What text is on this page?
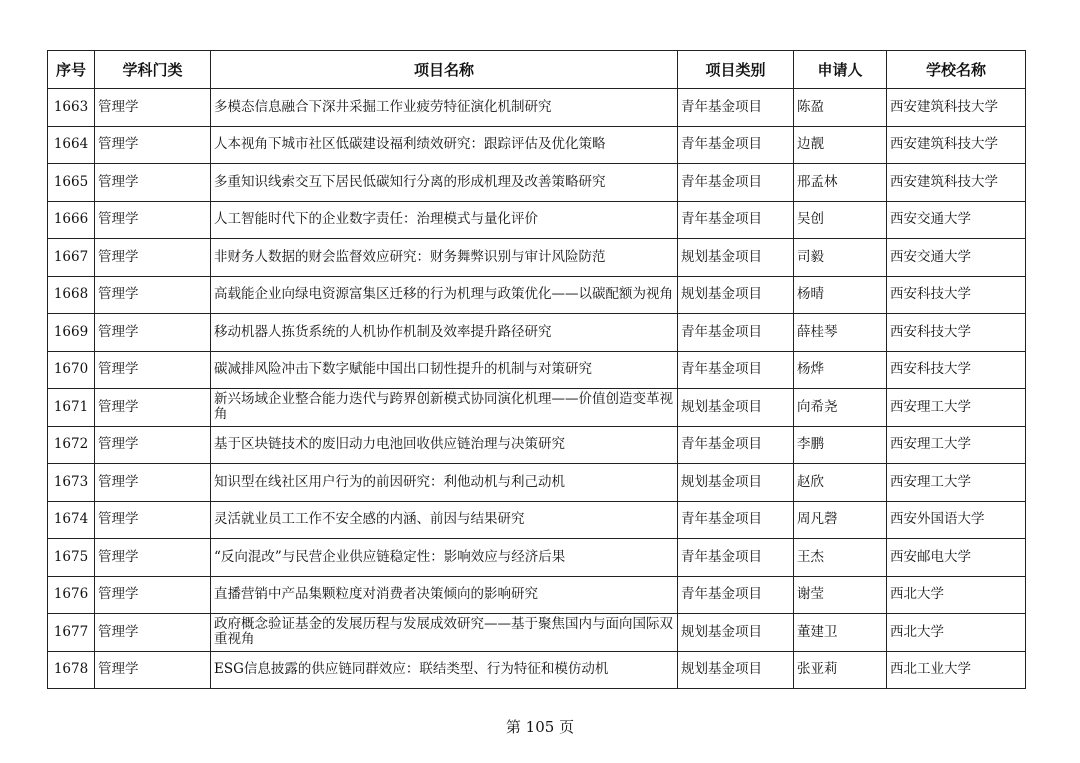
序号	学科门类	项目名称	项目类别	申请人	学校名称
1663	管理学	多模态信息融合下深井采掘工作业疲劳特征演化机制研究	青年基金项目	陈盈	西安建筑科技大学
1664	管理学	人本视角下城市社区低碳建设福利绩效研究：跟踪评估及优化策略	青年基金项目	边靓	西安建筑科技大学
1665	管理学	多重知识线索交互下居民低碳知行分离的形成机理及改善策略研究	青年基金项目	邢孟林	西安建筑科技大学
1666	管理学	人工智能时代下的企业数字责任：治理模式与量化评价	青年基金项目	吴创	西安交通大学
1667	管理学	非财务人数据的财会监督效应研究：财务舞弊识别与审计风险防范	规划基金项目	司毅	西安交通大学
1668	管理学	高载能企业向绿电资源富集区迁移的行为机理与政策优化——以碳配额为视角	规划基金项目	杨晴	西安科技大学
1669	管理学	移动机器人拣货系统的人机协作机制及效率提升路径研究	青年基金项目	薛桂琴	西安科技大学
1670	管理学	碳减排风险冲击下数字赋能中国出口韧性提升的机制与对策研究	青年基金项目	杨烨	西安科技大学
1671	管理学	新兴场域企业整合能力迭代与跨界创新模式协同演化机理——价值创造变革视角	规划基金项目	向希尧	西安理工大学
1672	管理学	基于区块链技术的废旧动力电池回收供应链治理与决策研究	青年基金项目	李鹏	西安理工大学
1673	管理学	知识型在线社区用户行为的前因研究：利他动机与利己动机	规划基金项目	赵欣	西安理工大学
1674	管理学	灵活就业员工工作不安全感的内涵、前因与结果研究	青年基金项目	周凡磬	西安外国语大学
1675	管理学	“反向混改”与民营企业供应链稳定性：影响效应与经济后果	青年基金项目	王杰	西安邮电大学
1676	管理学	直播营销中产品集颗粒度对消费者决策倾向的影响研究	青年基金项目	谢莹	西北大学
1677	管理学	政府概念验证基金的发展历程与发展成效研究——基于聚焦国内与面向国际双重视角	规划基金项目	董建卫	西北大学
1678	管理学	ESG信息披露的供应链同群效应：联结类型、行为特征和模仿动机	规划基金项目	张亚莉	西北工业大学
第 105 页
